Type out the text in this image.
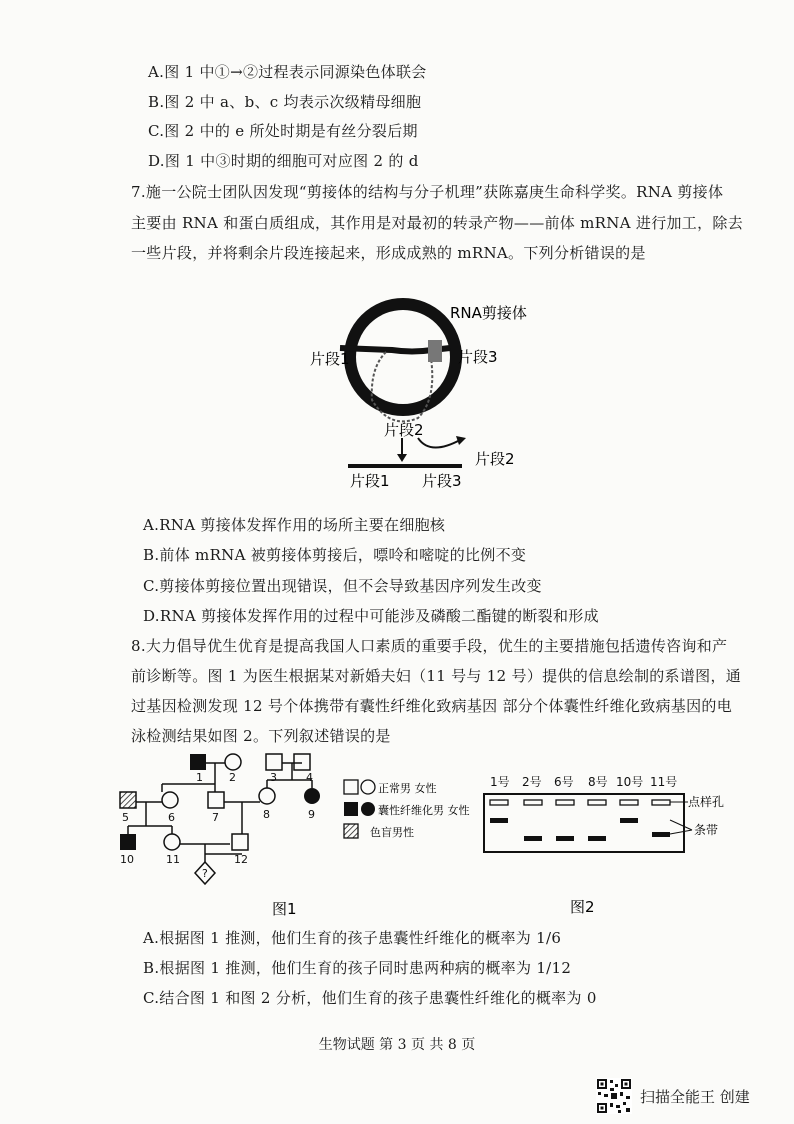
A.图 1 中①→②过程表示同源染色体联会
B.图 2 中 a、b、c 均表示次级精母细胞
C.图 2 中的 e 所处时期是有丝分裂后期
D.图 1 中③时期的细胞可对应图 2 的 d
7.施一公院士团队因发现“剪接体的结构与分子机理”获陈嘉庚生命科学奖。RNA 剪接体
主要由 RNA 和蛋白质组成，其作用是对最初的转录产物——前体 mRNA 进行加工，除去
一些片段，并将剩余片段连接起来，形成成熟的 mRNA。下列分析错误的是
RNA剪接体
片段1	片段3
片段2
片段2
片段1 片段3
A.RNA 剪接体发挥作用的场所主要在细胞核
B.前体 mRNA 被剪接体剪接后，嘌呤和嘧啶的比例不变
C.剪接体剪接位置出现错误，但不会导致基因序列发生改变
D.RNA 剪接体发挥作用的过程中可能涉及磷酸二酯键的断裂和形成
8.大力倡导优生优育是提高我国人口素质的重要手段，优生的主要措施包括遗传咨询和产
前诊断等。图 1 为医生根据某对新婚夫妇（11 号与 12 号）提供的信息绘制的系谱图，通
过基因检测发现 12 号个体携带有囊性纤维化致病基因 部分个体囊性纤维化致病基因的电
泳检测结果如图 2。下列叙述错误的是
1 2	3	4
5	6	7	8	9
10	11	12
?
正常男 女性
囊性纤维化男 女性
色盲男性
图1
1号 2号 6号 8号 10号 11号
点样孔
条带
图2
A.根据图 1 推测，他们生育的孩子患囊性纤维化的概率为 1/6
B.根据图 1 推测，他们生育的孩子同时患两种病的概率为 1/12
C.结合图 1 和图 2 分析，他们生育的孩子患囊性纤维化的概率为 0
生物试题 第 3 页 共 8 页
扫描全能王 创建
